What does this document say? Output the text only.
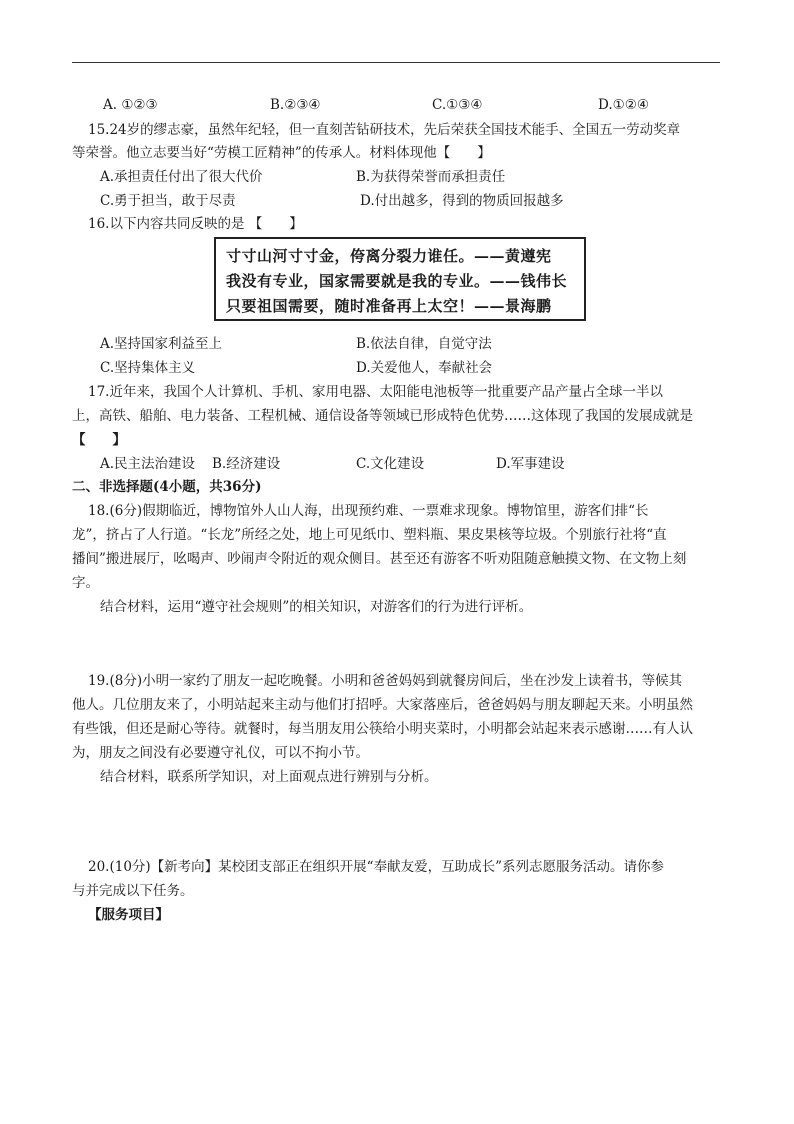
A. ①②③	B.②③④	C.①③④	D.①②④
15.24岁的缪志豪，虽然年纪轻，但一直刻苦钻研技术，先后荣获全国技术能手、全国五一劳动奖章
等荣誉。他立志要当好“劳模工匠精神”的传承人。材料体现他【　　】
A.承担责任付出了很大代价	B.为获得荣誉而承担责任
C.勇于担当，敢于尽责	D.付出越多，得到的物质回报越多
16.以下内容共同反映的是 【　　】
寸寸山河寸寸金，侉离分裂力谁任。——黄遵宪
我没有专业，国家需要就是我的专业。——钱伟长
只要祖国需要，随时准备再上太空！——景海鹏
A.坚持国家利益至上	B.依法自律，自觉守法
C.坚持集体主义	D.关爱他人，奉献社会
17.近年来，我国个人计算机、手机、家用电器、太阳能电池板等一批重要产品产量占全球一半以
上，高铁、船舶、电力装备、工程机械、通信设备等领域已形成特色优势……这体现了我国的发展成就是
【　　】
A.民主法治建设 B.经济建设	C.文化建设	D.军事建设
二、非选择题(4小题，共36分)
18.(6分)假期临近，博物馆外人山人海，出现预约难、一票难求现象。博物馆里，游客们排“长
龙”，挤占了人行道。“长龙”所经之处，地上可见纸巾、塑料瓶、果皮果核等垃圾。个别旅行社将“直
播间”搬进展厅，吆喝声、吵闹声令附近的观众侧目。甚至还有游客不听劝阻随意触摸文物、在文物上刻
字。
结合材料，运用“遵守社会规则”的相关知识，对游客们的行为进行评析。
19.(8分)小明一家约了朋友一起吃晚餐。小明和爸爸妈妈到就餐房间后，坐在沙发上读着书，等候其
他人。几位朋友来了，小明站起来主动与他们打招呼。大家落座后，爸爸妈妈与朋友聊起天来。小明虽然
有些饿，但还是耐心等待。就餐时，每当朋友用公筷给小明夹菜时，小明都会站起来表示感谢……有人认
为，朋友之间没有必要遵守礼仪，可以不拘小节。
结合材料，联系所学知识，对上面观点进行辨别与分析。
20.(10分)【新考向】某校团支部正在组织开展“奉献友爱，互助成长”系列志愿服务活动。请你参
与并完成以下任务。
【服务项目】
